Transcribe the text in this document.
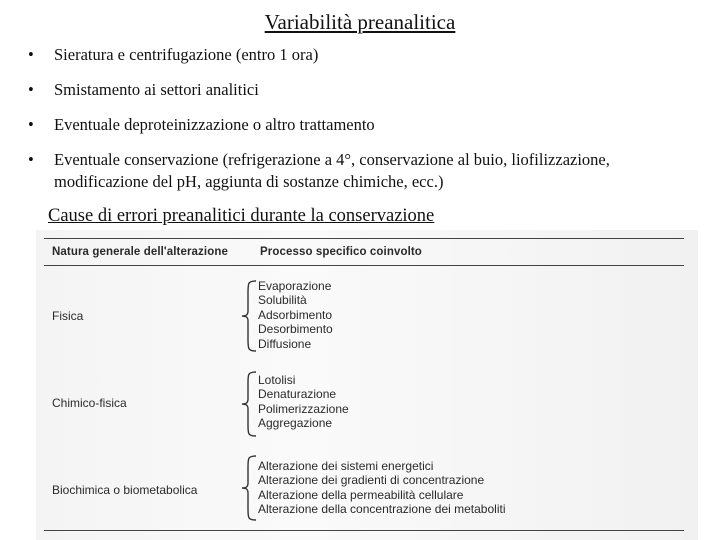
Variabilità preanalitica
• Sieratura e centrifugazione (entro 1 ora)
• Smistamento ai settori analitici
• Eventuale deproteinizzazione o altro trattamento
• Eventuale conservazione (refrigerazione a 4°, conservazione al buio, liofilizzazione, modificazione del pH, aggiunta di sostanze chimiche, ecc.)
Cause di errori preanalitici durante la conservazione
Natura generale dell'alterazione	Processo specifico coinvolto
Fisica
Evaporazione
Solubilità
Adsorbimento
Desorbimento
Diffusione
Chimico-fisica
Lotolisi
Denaturazione
Polimerizzazione
Aggregazione
Biochimica o biometabolica
Alterazione dei sistemi energetici
Alterazione dei gradienti di concentrazione
Alterazione della permeabilità cellulare
Alterazione della concentrazione dei metaboliti
